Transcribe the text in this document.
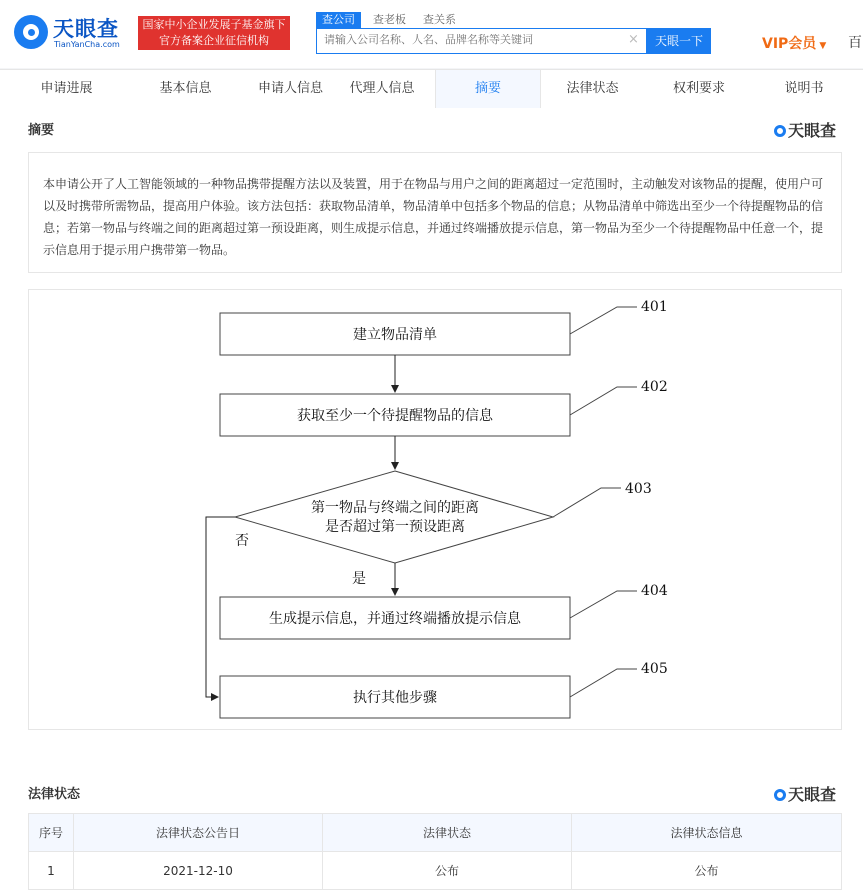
天眼查
TianYanCha.com
国家中小企业发展子基金旗下
官方备案企业征信机构
查公司	查老板 查关系
请输入公司名称、人名、品牌名称等关键词
×	天眼一下	VIP会员 ▼ 百
申请进展	基本信息	申请人信息	代理人信息	摘要	法律状态	权利要求	说明书
摘要	天眼查

本申请公开了人工智能领域的一种物品携带提醒方法以及装置，用于在物品与用户之间的距离超过一定范围时，主动触发对该物品的提醒，使用户可以及时携带所需物品，提高用户体验。该方法包括：获取物品清单，物品清单中包括多个物品的信息；从物品清单中筛选出至少一个待提醒物品的信息；若第一物品与终端之间的距离超过第一预设距离，则生成提示信息，并通过终端播放提示信息，第一物品为至少一个待提醒物品中任意一个，提示信息用于提示用户携带第一物品。

建立物品清单
获取至少一个待提醒物品的信息
第一物品与终端之间的距离
是否超过第一预设距离
否
是
生成提示信息，并通过终端播放提示信息
执行其他步骤
401
402
403
404
405
法律状态	天眼查
序号	法律状态公告日	法律状态	法律状态信息
1	2021-12-10	公布	公布
